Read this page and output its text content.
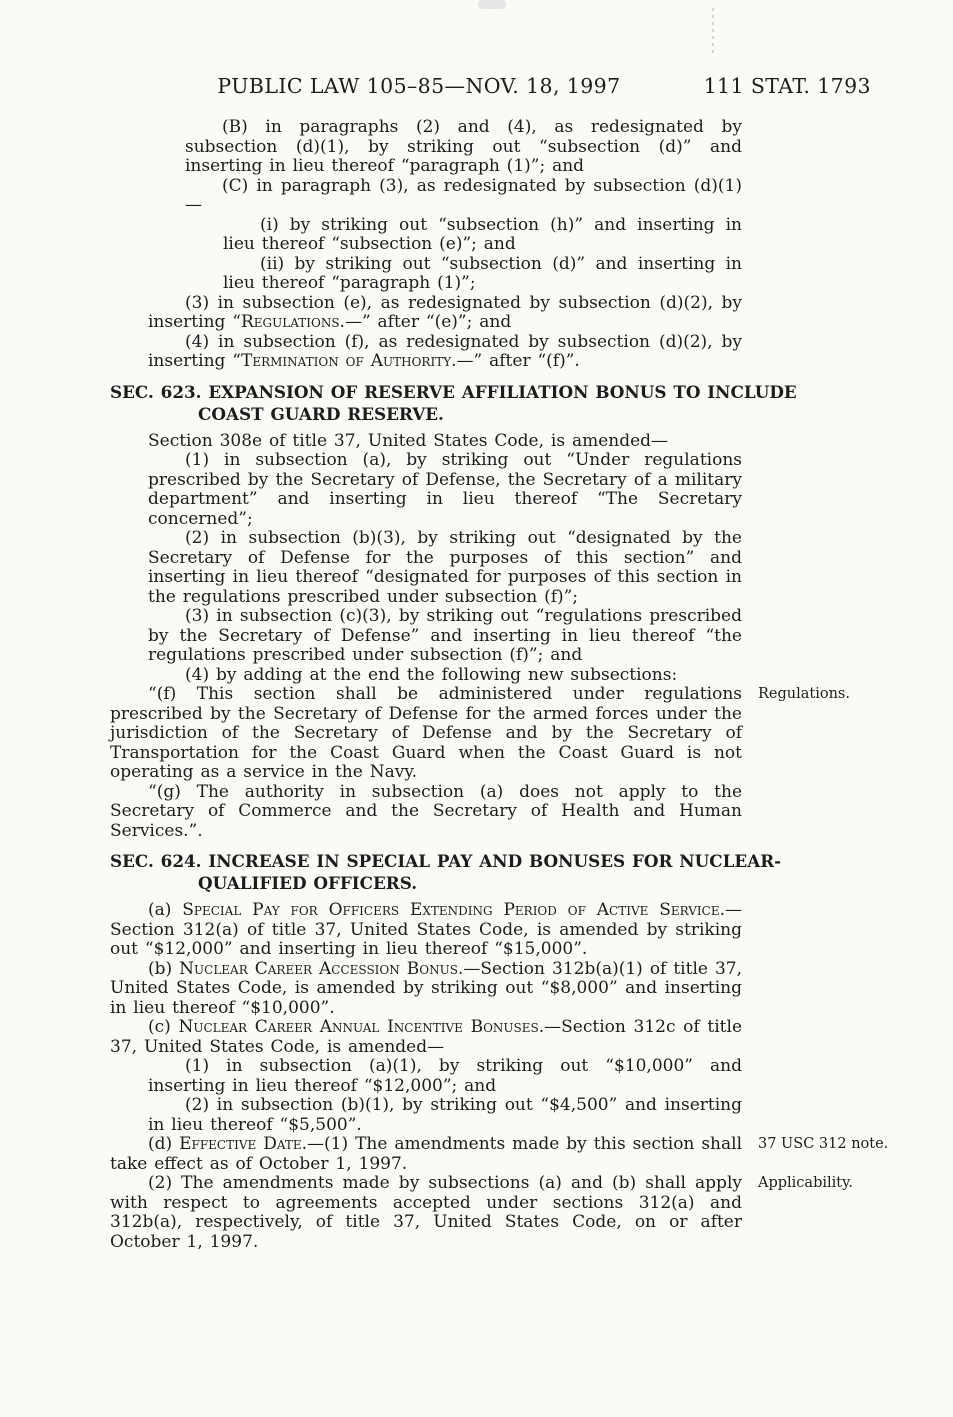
PUBLIC LAW 105–85—NOV. 18, 1997	111 STAT. 1793

(B) in paragraphs (2) and (4), as redesignated by subsection (d)(1), by striking out “subsection (d)” and inserting in lieu thereof “paragraph (1)”; and

(C) in paragraph (3), as redesignated by subsection (d)(1)—

(i) by striking out “subsection (h)” and inserting in lieu thereof “subsection (e)”; and

(ii) by striking out “subsection (d)” and inserting in lieu thereof “paragraph (1)”;

(3) in subsection (e), as redesignated by subsection (d)(2), by inserting “Regulations.—” after “(e)”; and

(4) in subsection (f), as redesignated by subsection (d)(2), by inserting “Termination of Authority.—” after “(f)”.

SEC. 623. EXPANSION OF RESERVE AFFILIATION BONUS TO INCLUDE
COAST GUARD RESERVE.

Section 308e of title 37, United States Code, is amended—

(1) in subsection (a), by striking out “Under regulations prescribed by the Secretary of Defense, the Secretary of a military department” and inserting in lieu thereof “The Secretary concerned”;

(2) in subsection (b)(3), by striking out “designated by the Secretary of Defense for the purposes of this section” and inserting in lieu thereof “designated for purposes of this section in the regulations prescribed under subsection (f)”;

(3) in subsection (c)(3), by striking out “regulations prescribed by the Secretary of Defense” and inserting in lieu thereof “the regulations prescribed under subsection (f)”; and

(4) by adding at the end the following new subsections:

“(f) This section shall be administered under regulations prescribed by the Secretary of Defense for the armed forces under the jurisdiction of the Secretary of Defense and by the Secretary of Transportation for the Coast Guard when the Coast Guard is not operating as a service in the Navy.
Regulations.

“(g) The authority in subsection (a) does not apply to the Secretary of Commerce and the Secretary of Health and Human Services.”.

SEC. 624. INCREASE IN SPECIAL PAY AND BONUSES FOR NUCLEAR-
QUALIFIED OFFICERS.

(a) Special Pay for Officers Extending Period of Active Service.—Section 312(a) of title 37, United States Code, is amended by striking out “$12,000” and inserting in lieu thereof “$15,000”.

(b) Nuclear Career Accession Bonus.—Section 312b(a)(1) of title 37, United States Code, is amended by striking out “$8,000” and inserting in lieu thereof “$10,000”.

(c) Nuclear Career Annual Incentive Bonuses.—Section 312c of title 37, United States Code, is amended—

(1) in subsection (a)(1), by striking out “$10,000” and inserting in lieu thereof “$12,000”; and

(2) in subsection (b)(1), by striking out “$4,500” and inserting in lieu thereof “$5,500”.

(d) Effective Date.—(1) The amendments made by this section shall take effect as of October 1, 1997.
37 USC 312 note.

(2) The amendments made by subsections (a) and (b) shall apply with respect to agreements accepted under sections 312(a) and 312b(a), respectively, of title 37, United States Code, on or after October 1, 1997.
Applicability.
